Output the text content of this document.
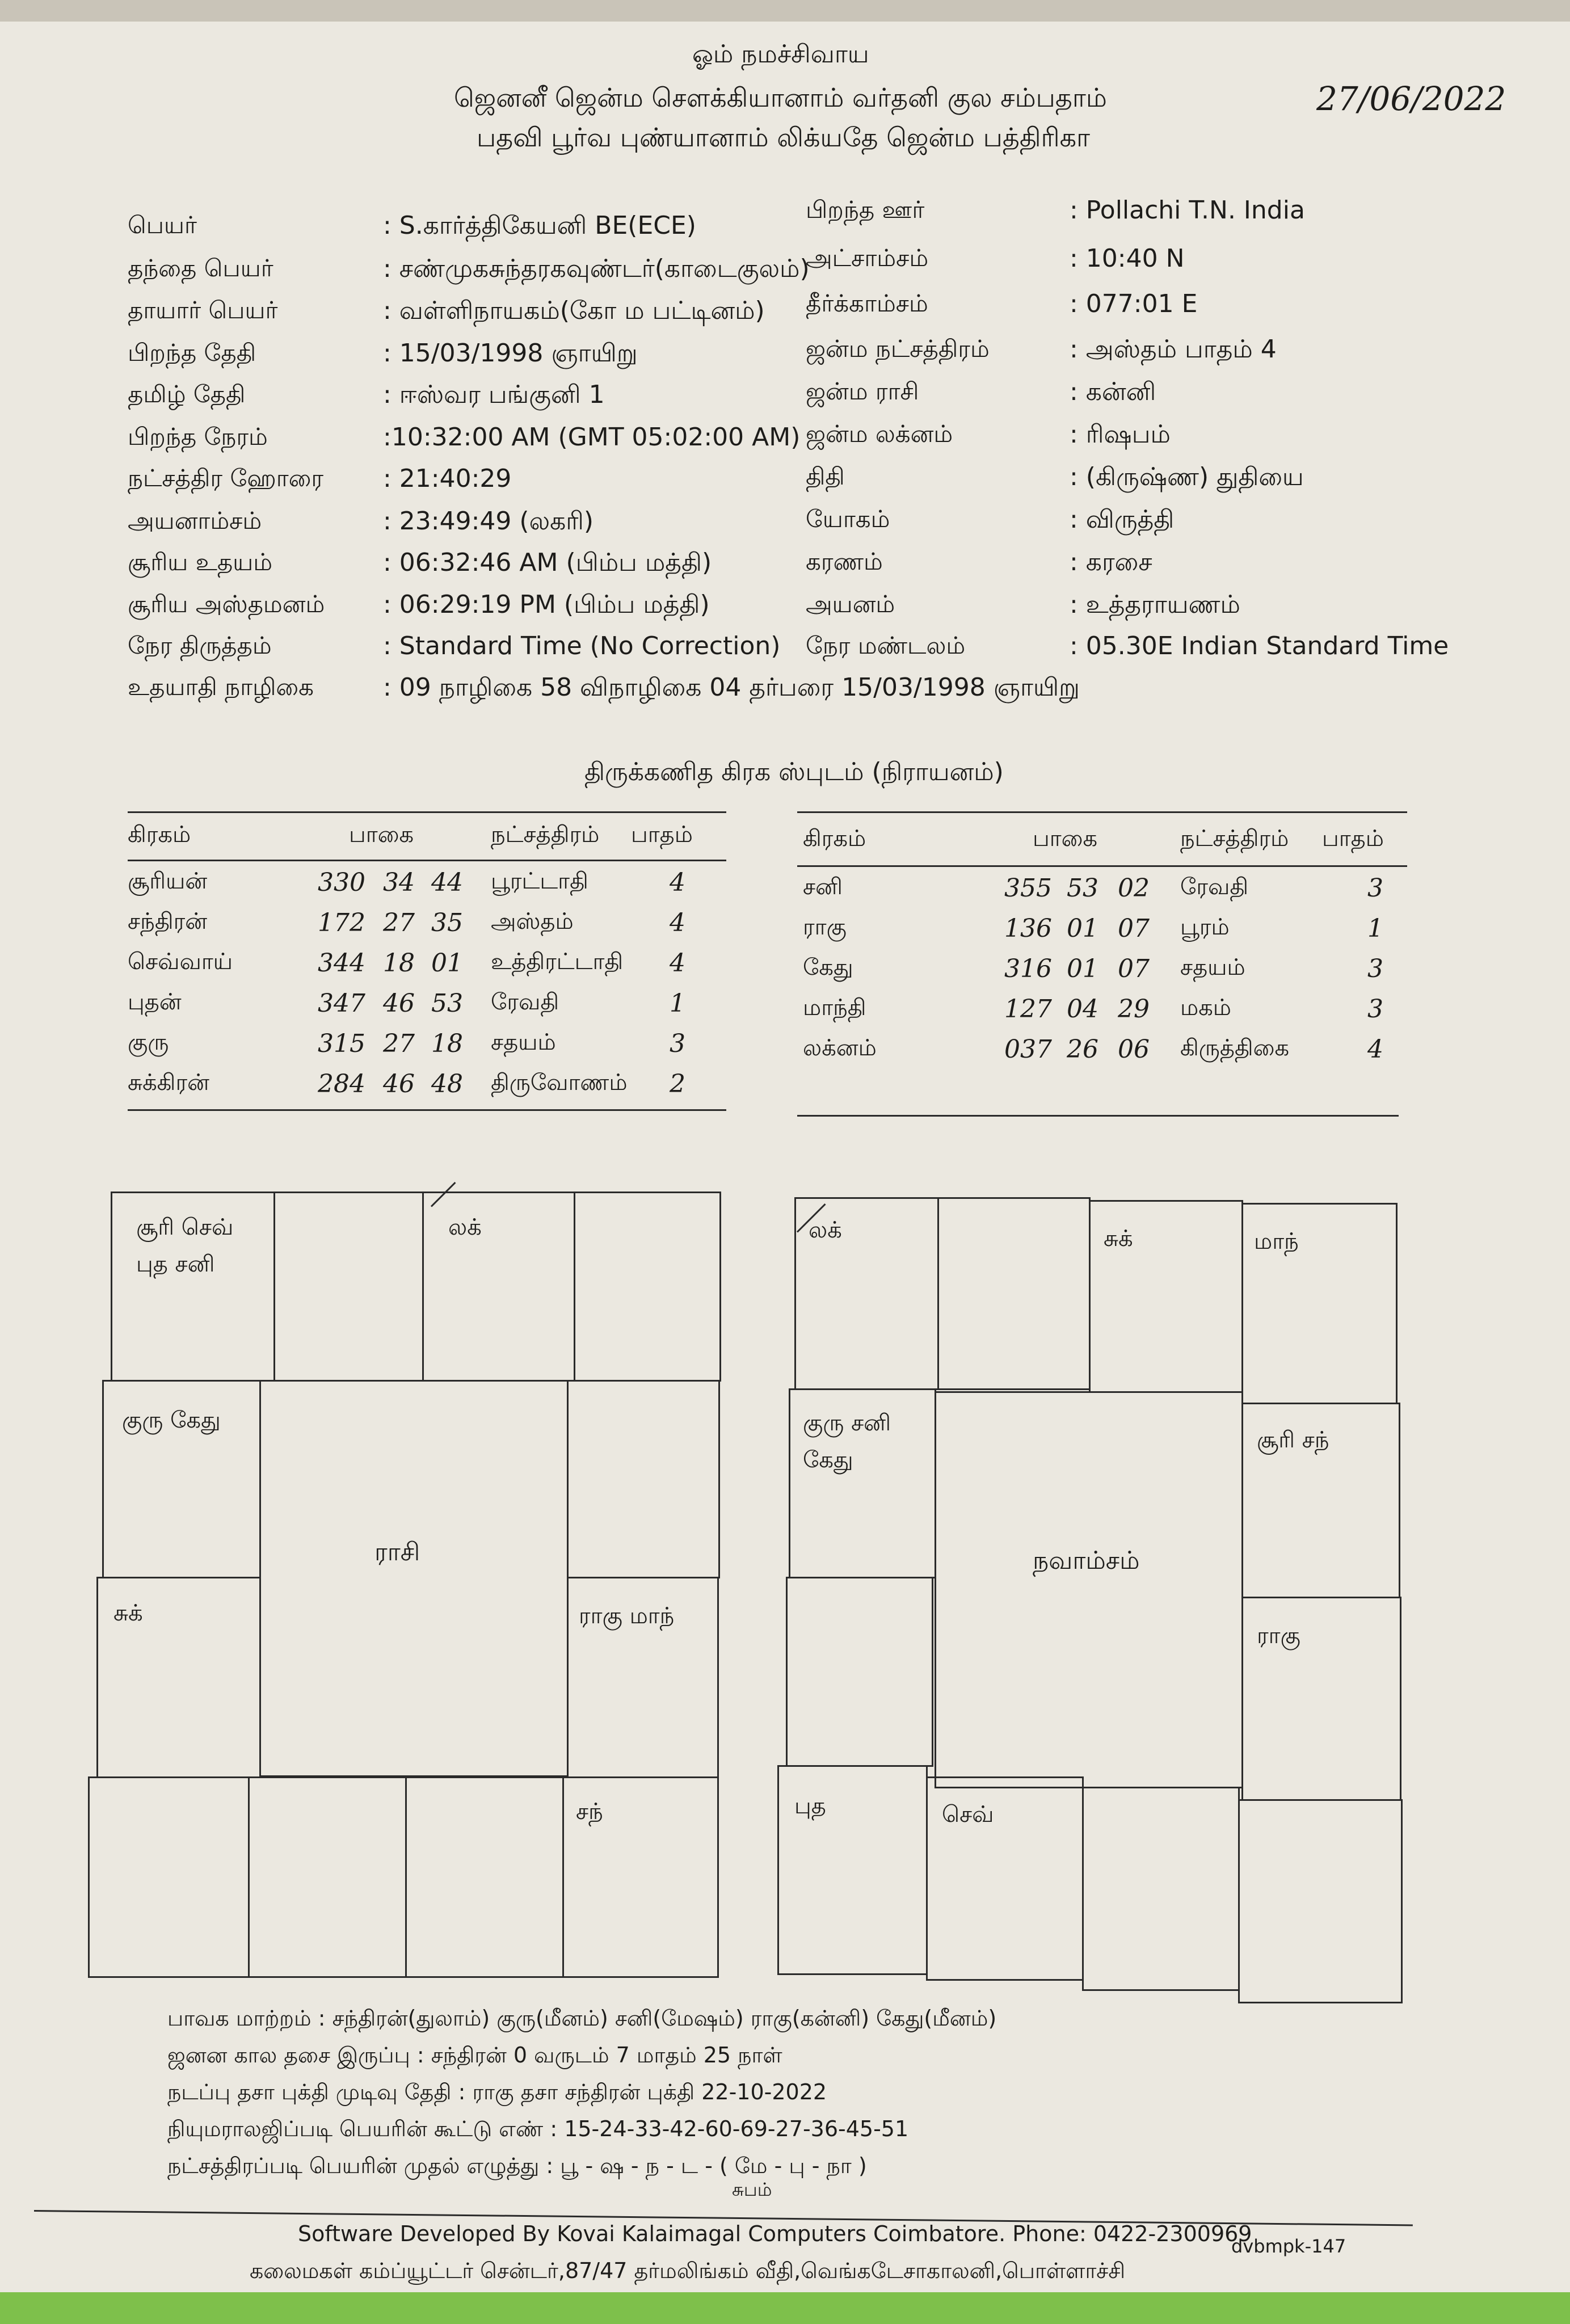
ஓம் நமச்சிவாய
ஜெனனீ ஜென்ம சௌக்கியானாம் வர்தனி குல சம்பதாம்
பதவி பூர்வ புண்யானாம் லிக்யதே ஜென்ம பத்திரிகா
27/06/2022
பெயர்	: S.கார்த்திகேயனி BE(ECE)
தந்தை பெயர்	: சண்முகசுந்தரகவுண்டர்(காடைகுலம்)
தாயார் பெயர்	: வள்ளிநாயகம்(கோ ம பட்டினம்)
பிறந்த தேதி	: 15/03/1998 ஞாயிறு
தமிழ் தேதி	: ஈஸ்வர பங்குனி 1
பிறந்த நேரம்	:10:32:00 AM (GMT 05:02:00 AM)
நட்சத்திர ஹோரை : 21:40:29
அயனாம்சம்	: 23:49:49 (லகரி)
சூரிய உதயம்	: 06:32:46 AM (பிம்ப மத்தி)
சூரிய அஸ்தமனம் : 06:29:19 PM (பிம்ப மத்தி)
நேர திருத்தம்	: Standard Time (No Correction)
உதயாதி நாழிகை	: 09 நாழிகை 58 விநாழிகை 04 தர்பரை 15/03/1998 ஞாயிறு
பிறந்த ஊர்	: Pollachi T.N. India
அட்சாம்சம்	: 10:40 N
தீர்க்காம்சம்	: 077:01 E
ஜன்ம நட்சத்திரம்	: அஸ்தம் பாதம் 4
ஜன்ம ராசி	: கன்னி
ஜன்ம லக்னம்	: ரிஷபம்
திதி	: (கிருஷ்ண) துதியை
யோகம்	: விருத்தி
கரணம்	: கரசை
அயனம்	: உத்தராயணம்
நேர மண்டலம்	: 05.30E Indian Standard Time
திருக்கணித கிரக ஸ்புடம் (நிராயனம்)
கிரகம்	பாகை	நட்சத்திரம் பாதம்
சூரியன்	330 34 44 பூரட்டாதி	4
சந்திரன்	172 27 35 அஸ்தம்	4
செவ்வாய்	344 18 01 உத்திரட்டாதி 4
புதன்	347 46 53 ரேவதி	1
குரு	315 27 18 சதயம்	3
சுக்கிரன்	284 46 48 திருவோணம் 2
கிரகம்	பாகை	நட்சத்திரம் பாதம்
சனி	355 53 02 ரேவதி	3
ராகு	136 01 07 பூரம்	1
கேது	316 01 07 சதயம்	3
மாந்தி	127 04 29 மகம்	3
லக்னம்	037 26 06 கிருத்திகை	4
சூரி செவ்
புத சனி
லக்
குரு கேது
ராசி
சுக்	ராகு மாந்
சந்
லக்	சுக்	மாந்
குரு சனி
கேது
நவாம்சம்
சூரி சந்
ராகு
புத	செவ்
பாவக மாற்றம் : சந்திரன்(துலாம்) குரு(மீனம்) சனி(மேஷம்) ராகு(கன்னி) கேது(மீனம்)
ஜனன கால தசை இருப்பு : சந்திரன் 0 வருடம் 7 மாதம் 25 நாள்
நடப்பு தசா புக்தி முடிவு தேதி : ராகு தசா சந்திரன் புக்தி 22-10-2022
நியுமராலஜிப்படி பெயரின் கூட்டு எண் : 15-24-33-42-60-69-27-36-45-51
நட்சத்திரப்படி பெயரின் முதல் எழுத்து : பூ - ஷ - ந - ட - ( மே - பு - நா )
சுபம்
Software Developed By Kovai Kalaimagal Computers Coimbatore. Phone: 0422-2300969
dvbmpk-147
கலைமகள் கம்ப்யூட்டர் சென்டர்,87/47 தர்மலிங்கம் வீதி,வெங்கடேசாகாலனி,பொள்ளாச்சி
